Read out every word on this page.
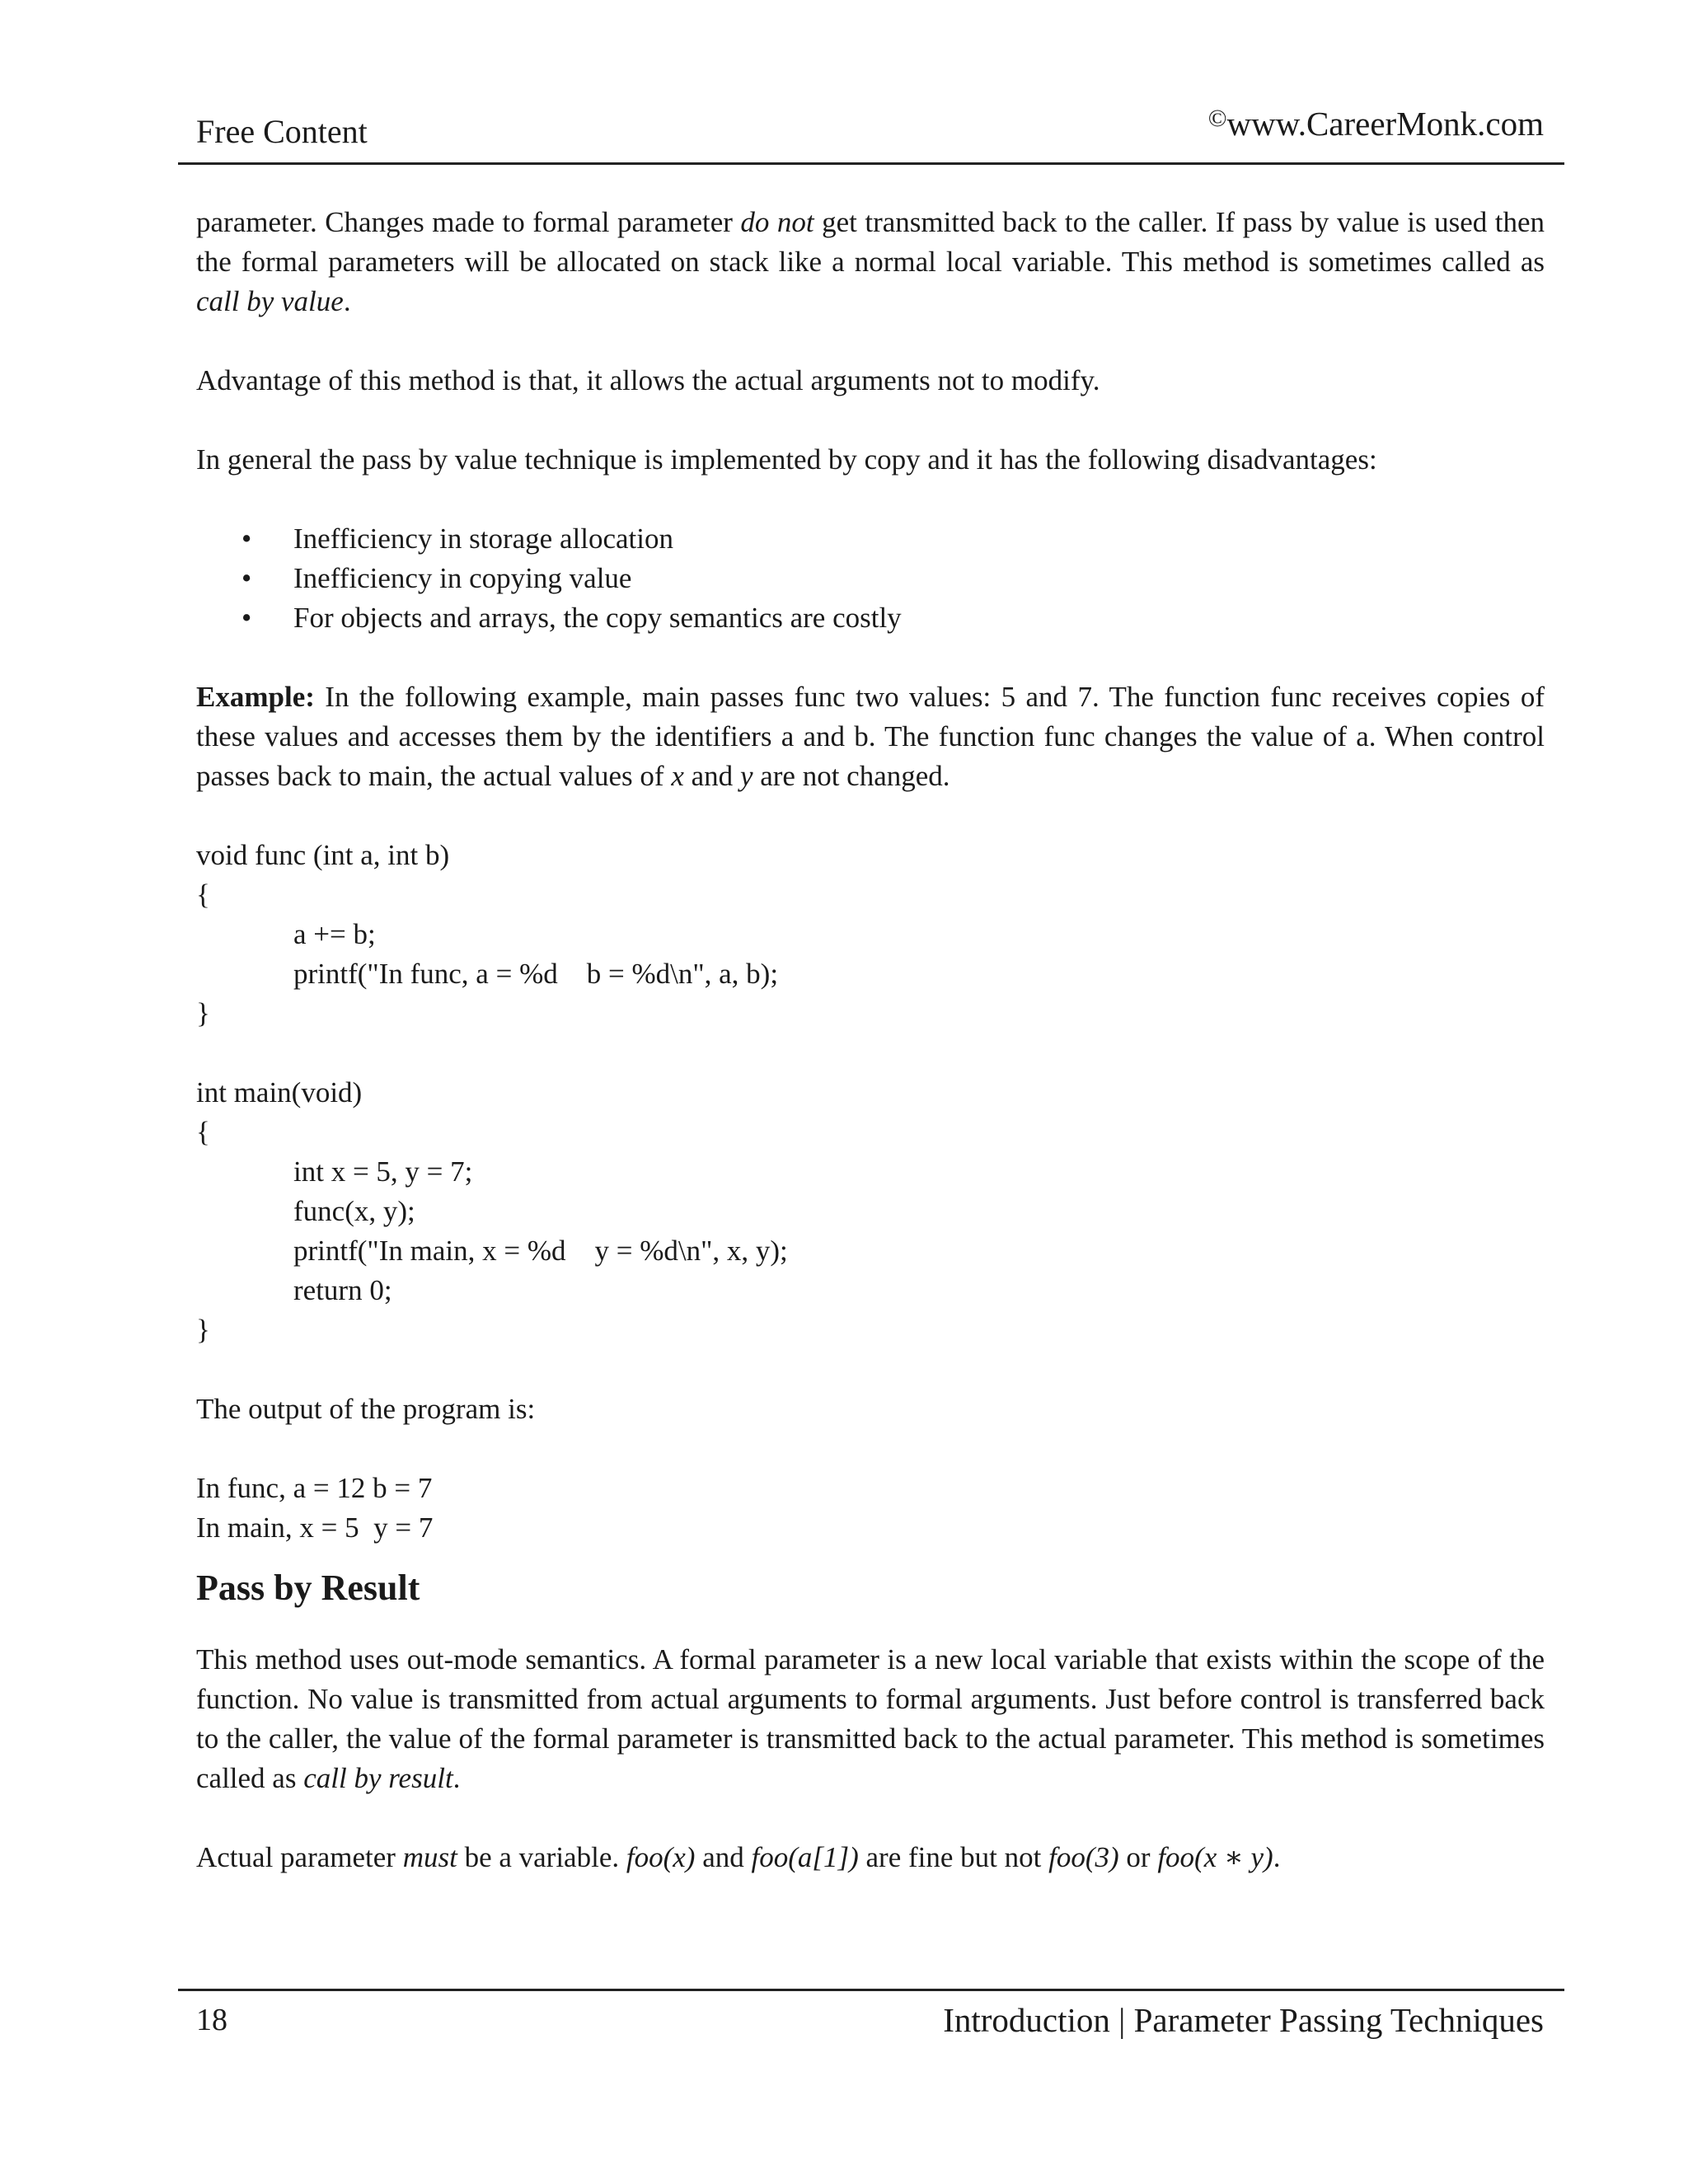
Free Content	©www.CareerMonk.com

parameter. Changes made to formal parameter do not get transmitted back to the caller. If pass by value is used then the formal parameters will be allocated on stack like a normal local variable. This method is sometimes called as call by value.

Advantage of this method is that, it allows the actual arguments not to modify.

In general the pass by value technique is implemented by copy and it has the following disadvantages:

• Inefficiency in storage allocation
• Inefficiency in copying value
• For objects and arrays, the copy semantics are costly

Example: In the following example, main passes func two values: 5 and 7. The function func receives copies of these values and accesses them by the identifiers a and b. The function func changes the value of a. When control passes back to main, the actual values of x and y are not changed.

void func (int a, int b)
{
a += b;
printf("In func, a = %d    b = %d\n", a, b);
}
int main(void)
{
int x = 5, y = 7;
func(x, y);
printf("In main, x = %d    y = %d\n", x, y);
return 0;
}

The output of the program is:

In func, a = 12 b = 7
In main, x = 5  y = 7
Pass by Result

This method uses out-mode semantics. A formal parameter is a new local variable that exists within the scope of the function. No value is transmitted from actual arguments to formal arguments. Just before control is transferred back to the caller, the value of the formal parameter is transmitted back to the actual parameter. This method is sometimes called as call by result.

Actual parameter must be a variable. foo(x) and foo(a[1]) are fine but not foo(3) or foo(x ∗ y).

18	Introduction | Parameter Passing Techniques
